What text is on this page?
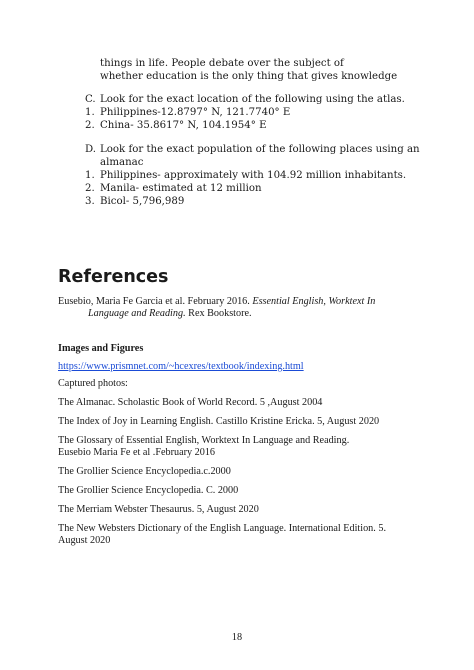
things in life. People debate over the subject of
whether education is the only thing that gives knowledge
C. Look for the exact location of the following using the atlas.
1. Philippines-12.8797° N, 121.7740° E
2. China- 35.8617° N, 104.1954° E
D. Look for the exact population of the following places using an
almanac
1. Philippines- approximately with 104.92 million inhabitants.
2. Manila- estimated at 12 million
3. Bicol- 5,796,989
References
Eusebio, Maria Fe Garcia et al. February 2016. Essential English, Worktext In
Language and Reading. Rex Bookstore.
Images and Figures
https://www.prismnet.com/~hcexres/textbook/indexing.html
Captured photos:
The Almanac. Scholastic Book of World Record. 5 ,August 2004
The Index of Joy in Learning English. Castillo Kristine Ericka. 5, August 2020
The Glossary of Essential English, Worktext In Language and Reading.
Eusebio Maria Fe et al .February 2016
The Grollier Science Encyclopedia.c.2000
The Grollier Science Encyclopedia. C. 2000
The Merriam Webster Thesaurus. 5, August 2020
The New Websters Dictionary of the English Language. International Edition. 5.
August 2020
18
